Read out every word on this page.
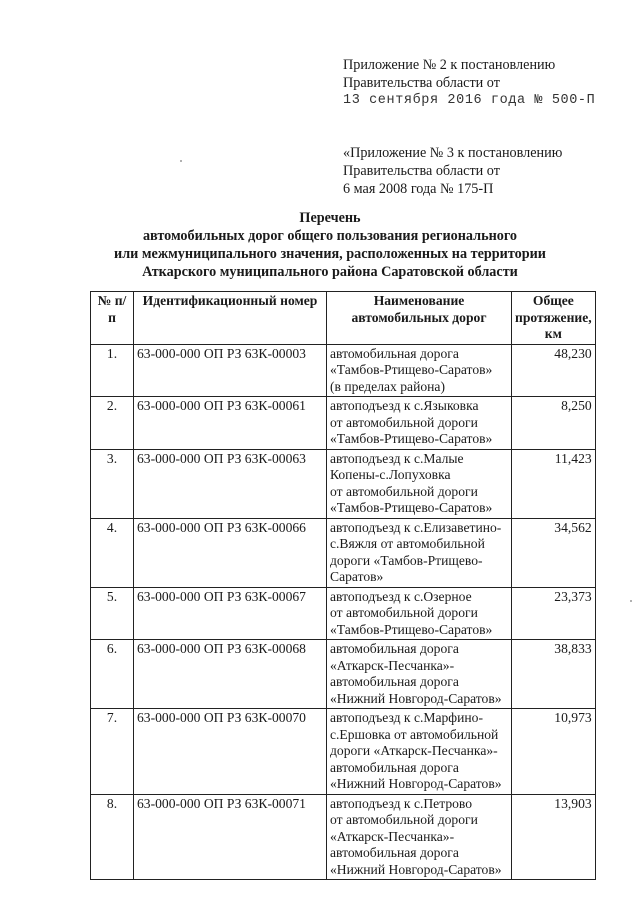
Приложение № 2 к постановлению
Правительства области от
13 сентября 2016 года № 500-П
«Приложение № 3 к постановлению
Правительства области от
6 мая 2008 года № 175-П
Перечень
автомобильных дорог общего пользования регионального
или межмуниципального значения, расположенных на территории
Аткарского муниципального района Саратовской области
№ п/п	Идентификационный номер	Наименование автомобильных дорог	Общее протяжение, км
1.	63-000-000 ОП РЗ 63К-00003	автомобильная дорога
«Тамбов-Ртищево-Саратов»
(в пределах района)	48,230
2.	63-000-000 ОП РЗ 63К-00061	автоподъезд к с.Языковка
от автомобильной дороги
«Тамбов-Ртищево-Саратов»	8,250
3.	63-000-000 ОП РЗ 63К-00063	автоподъезд к с.Малые
Копены-с.Лопуховка
от автомобильной дороги
«Тамбов-Ртищево-Саратов»	11,423
4.	63-000-000 ОП РЗ 63К-00066	автоподъезд к с.Елизаветино-
с.Вяжля от автомобильной
дороги «Тамбов-Ртищево-
Саратов»	34,562
5.	63-000-000 ОП РЗ 63К-00067	автоподъезд к с.Озерное
от автомобильной дороги
«Тамбов-Ртищево-Саратов»	23,373
6.	63-000-000 ОП РЗ 63К-00068	автомобильная дорога
«Аткарск-Песчанка»-
автомобильная дорога
«Нижний Новгород-Саратов»	38,833
7.	63-000-000 ОП РЗ 63К-00070	автоподъезд к с.Марфино-
с.Ершовка от автомобильной
дороги «Аткарск-Песчанка»-
автомобильная дорога
«Нижний Новгород-Саратов»	10,973
8.	63-000-000 ОП РЗ 63К-00071	автоподъезд к с.Петрово
от автомобильной дороги
«Аткарск-Песчанка»-
автомобильная дорога
«Нижний Новгород-Саратов»	13,903
